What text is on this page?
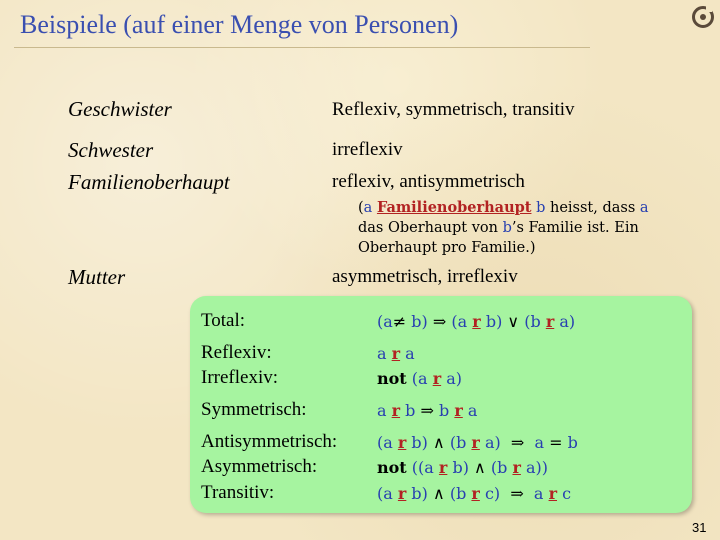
Beispiele (auf einer Menge von Personen)
Geschwister	Reflexiv, symmetrisch, transitiv
Schwester	irreflexiv
Familienoberhaupt	reflexiv, antisymmetrisch
(a Familienoberhaupt b heisst, dass a das Oberhaupt von b’s Familie ist. Ein Oberhaupt pro Familie.)
Mutter	asymmetrisch, irreflexiv
Total:	(a≠ b) ⇒ (a r b) ∨ (b r a)
Reflexiv:	a r a
Irreflexiv:	not (a r a)
Symmetrisch:	a r b ⇒ b r a
Antisymmetrisch: (a r b) ∧ (b r a) ⇒ a = b
Asymmetrisch:	not ((a r b) ∧ (b r a))
Transitiv:	(a r b) ∧ (b r c) ⇒ a r c
31
